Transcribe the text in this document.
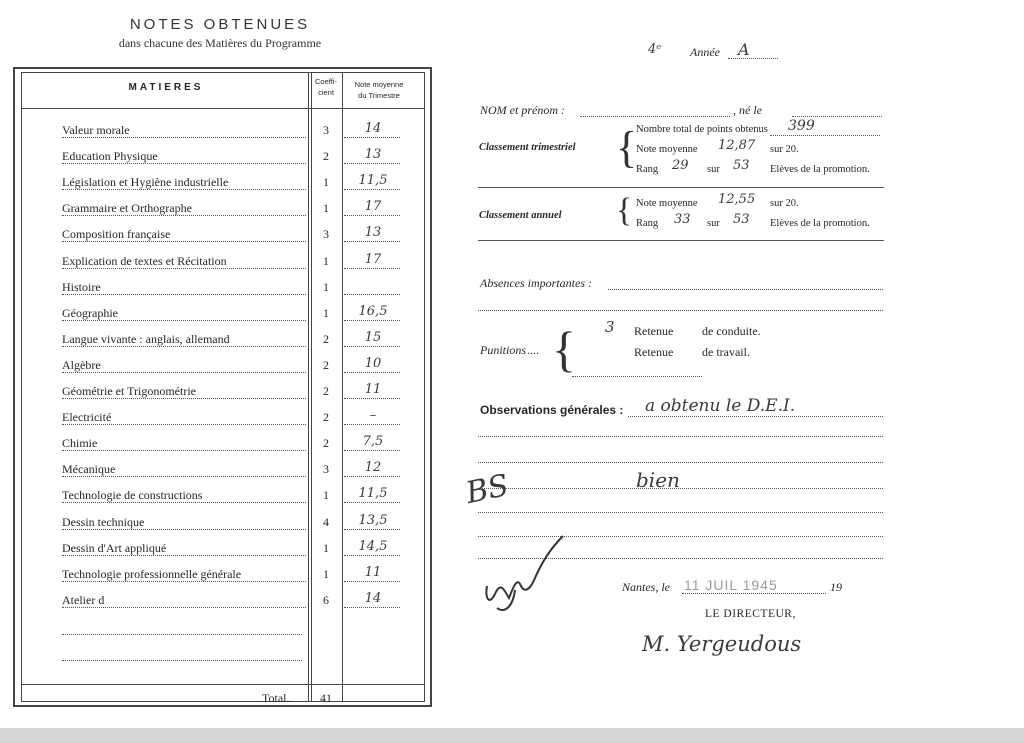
NOTES OBTENUES
dans chacune des Matières du Programme
MATIERES
Coeffi-
cient
Note moyenne
du Trimestre
Valeur morale	3	14
Education Physique	2	13
Législation et Hygiène industrielle	1	11,5
Grammaire et Orthographe	1	17
Composition française	3	13
Explication de textes et Récitation	1	17
Histoire	1
Géographie	1	16,5
Langue vivante : anglais, allemand	2	15
Algèbre	2	10
Géométrie et Trigonométrie	2	11
Electricité	2	–
Chimie	2	7,5
Mécanique	3	12
Technologie de constructions	1	11,5
Dessin technique	4	13,5
Dessin d'Art appliqué	1	14,5
Technologie professionnelle générale	1	11
Atelier d	6	14
Total..	41
4ᵉ Année A
NOM et prénom :	, né le
Classement trimestriel {
Nombre total de points obtenus 399
Note moyenne 12,87 sur 20.
Rang 29 sur 53 Elèves de la promotion.
Classement annuel { Note moyenne 12,55 sur 20.
Rang 33 sur 53 Elèves de la promotion.
Absences importantes :
Punitions .... { 3 Retenue de conduite.
Retenue de travail.
Observations générales : a obtenu le D.E.I.
bien
BS
Nantes, le 11 JUIL 1945	19
LE DIRECTEUR,
M. Yergeudous
